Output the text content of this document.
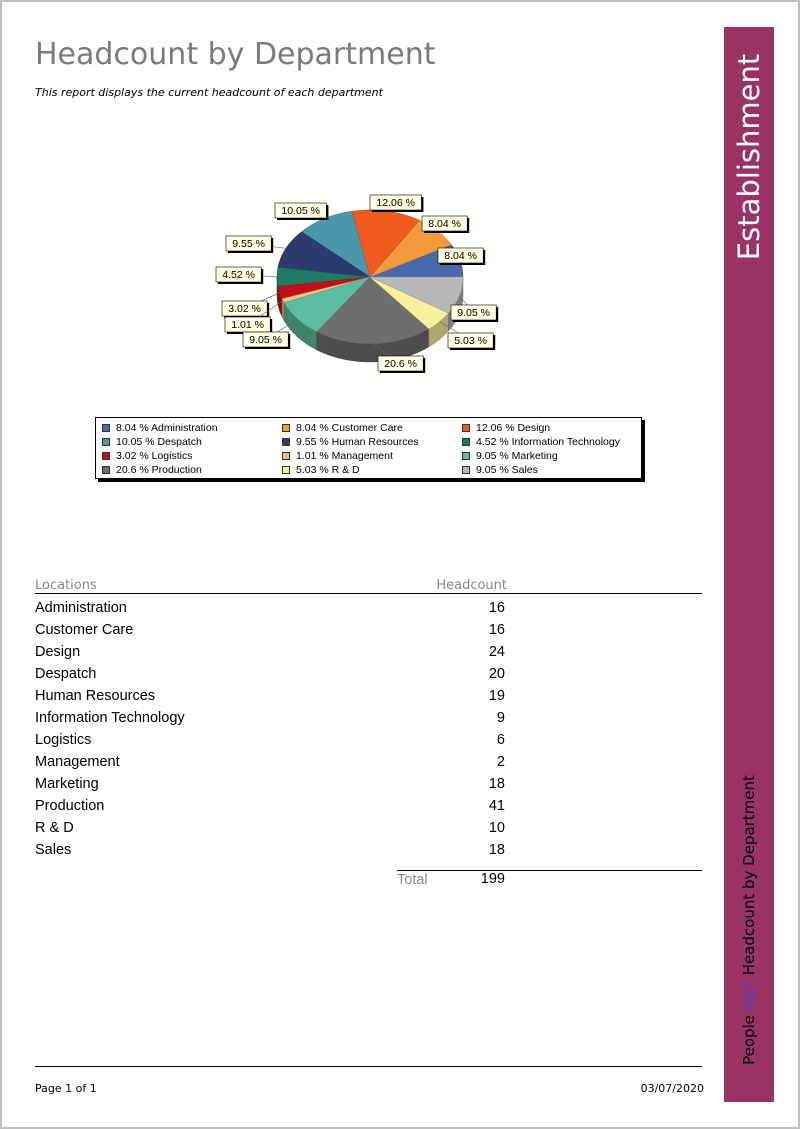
Headcount by Department
This report displays the current headcount of each department
8.04 %
8.04 %
12.06 %
10.05 %
9.55 %
4.52 %
3.02 %
1.01 %
9.05 %
20.6 %
5.03 %
9.05 %
8.04 % Administration	8.04 % Customer Care	12.06 % Design
10.05 % Despatch	9.55 % Human Resources	4.52 % Information Technology
3.02 % Logistics	1.01 % Management	9.05 % Marketing
20.6 % Production	5.03 % R & D	9.05 % Sales
Establishment
People Inc® Headcount by Department
Locations	Headcount
Administration	16
Customer Care	16
Design	24
Despatch	20
Human Resources	19
Information Technology	9
Logistics	6
Management	2
Marketing	18
Production	41
R & D	10
Sales	18
Total	199
Page 1 of 1	03/07/2020
